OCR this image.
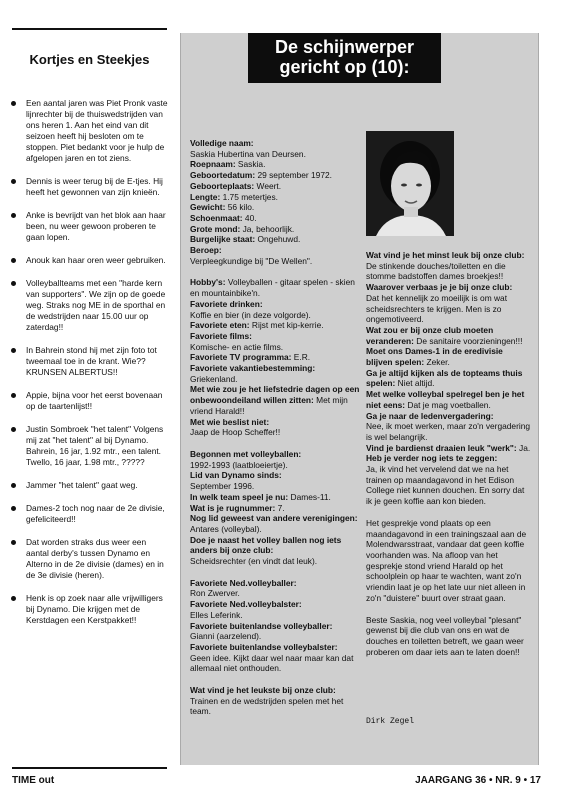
Kortjes en Steekjes
Een aantal jaren was Piet Pronk vaste lijnrechter bij de thuiswedstrijden van ons heren 1. Aan het eind van dit seizoen heeft hij besloten om te stoppen. Piet bedankt voor je hulp de afgelopen jaren en tot ziens.
Dennis is weer terug bij de E-tjes. Hij heeft het gewonnen van zijn knieën.
Anke is bevrijdt van het blok aan haar been, nu weer gewoon proberen te gaan lopen.
Anouk kan haar oren weer gebruiken.
Volleyballteams met een "harde kern van supporters". We zijn op de goede weg. Straks nog ME in de sporthal en de wedstrijden naar 15.00 uur op zaterdag!!
In Bahrein stond hij met zijn foto tot tweemaal toe in de krant. Wie?? KRUNSEN ALBERTUS!!
Appie, bijna voor het eerst bovenaan op de taartenlijst!!
Justin Sombroek "het talent" Volgens mij zat "het talent" al bij Dynamo.
Bahrein, 16 jar, 1.92 mtr., een talent.
Twello, 16 jaar, 1.98 mtr., ?????
Jammer "het talent" gaat weg.
Dames-2 toch nog naar de 2e divisie, gefeliciteerd!!
Dat worden straks dus weer een aantal derby's tussen Dynamo en Alterno in de 2e divisie (dames) en in de 3e divisie (heren).
Henk is op zoek naar alle vrijwilligers bij Dynamo. Die krijgen met de Kerstdagen een Kerstpakket!!
De schijnwerper
gericht op (10):

Volledige naam:

Saskia Hubertina van Deursen.

Roepnaam: Saskia.

Geboortedatum: 29 september 1972.

Geboorteplaats: Weert.

Lengte: 1.75 metertjes.

Gewicht: 56 kilo.

Schoenmaat: 40.

Grote mond: Ja, behoorlijk.

Burgelijke staat: Ongehuwd.

Beroep:

Verpleegkundige bij "De Wellen".

Hobby's: Volleyballen - gitaar spelen - skien en mountainbike'n.

Favoriete drinken:

Koffie en bier (in deze volgorde).

Favoriete eten: Rijst met kip-kerrie.

Favoriete films:

Komische- en actie films.

Favoriete TV programma: E.R.

Favoriete vakantiebestemming:

Griekenland.

Met wie zou je het liefstedrie dagen op een onbewoondeiland willen zitten: Met mijn vriend Harald!!

Met wie beslist niet:

Jaap de Hoop Scheffer!!

Begonnen met volleyballen:

1992-1993 (laatbloeiertje).

Lid van Dynamo sinds:

September 1996.

In welk team speel je nu: Dames-11.

Wat is je rugnummer: 7.

Nog lid geweest van andere verenigingen: Antares (volleybal).

Doe je naast het volley ballen nog iets anders bij onze club:

Scheidsrechter (en vindt dat leuk).

Favoriete Ned.volleyballer:

Ron Zwerver.

Favoriete Ned.volleybalster:

Elles Leferink.

Favoriete buitenlandse volleyballer:

Gianni (aarzelend).

Favoriete buitenlandse volleybalster:

Geen idee. Kijkt daar wel naar maar kan dat allemaal niet onthouden.

Wat vind je het leukste bij onze club:

Trainen en de wedstrijden spelen met het team.

Wat vind je het minst leuk bij onze club: De stinkende douches/toiletten en die stomme badstoffen dames broekjes!!

Waarover verbaas je je bij onze club:

Dat het kennelijk zo moeilijk is om wat scheidsrechters te krijgen. Men is zo ongemotiveerd.

Wat zou er bij onze club moeten veranderen: De sanitaire voorzieningen!!!

Moet ons Dames-1 in de eredivisie blijven spelen: Zeker.

Ga je altijd kijken als de topteams thuis spelen: Niet altijd.

Met welke volleybal spelregel ben je het niet eens: Dat je mag voetballen.

Ga je naar de ledenvergadering:

Nee, ik moet werken, maar zo'n vergadering is wel belangrijk.

Vind je bardienst draaien leuk "werk": Ja.

Heb je verder nog iets te zeggen:

Ja, ik vind het vervelend dat we na het trainen op maandagavond in het Edison College niet kunnen douchen. En sorry dat ik je geen koffie aan kon bieden.

Het gesprekje vond plaats op een maandagavond in een trainingszaal aan de Molendwarsstraat, vandaar dat geen koffie voorhanden was. Na afloop van het gesprekje stond vriend Harald op het schoolplein op haar te wachten, want zo'n vriendin laat je op het late uur niet alleen in zo'n "duistere" buurt over straat gaan.

Beste Saskia, nog veel volleybal "plesant" gewenst bij die club van ons en wat de douches en toiletten betreft, we gaan weer proberen om daar iets aan te laten doen!!

Dirk Zegel
TIME out	JAARGANG 36 • NR. 9 • 17
